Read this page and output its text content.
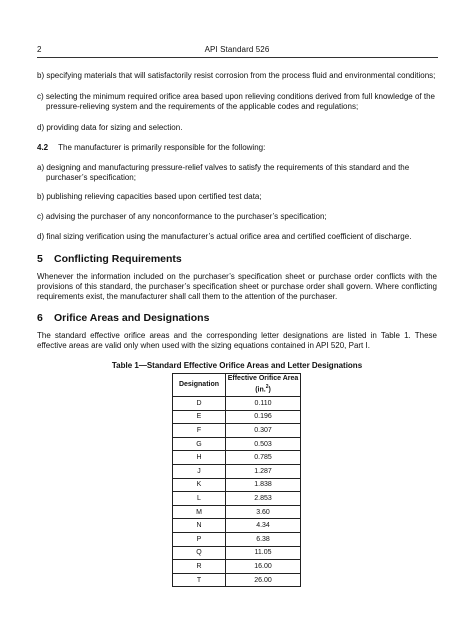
2	API Standard 526
b) specifying materials that will satisfactorily resist corrosion from the process fluid and environmental conditions;
c) selecting the minimum required orifice area based upon relieving conditions derived from full knowledge of the
pressure-relieving system and the requirements of the applicable codes and regulations;
d) providing data for sizing and selection.
4.2 The manufacturer is primarily responsible for the following:
a) designing and manufacturing pressure-relief valves to satisfy the requirements of this standard and the
purchaser’s specification;
b) publishing relieving capacities based upon certified test data;
c) advising the purchaser of any nonconformance to the purchaser’s specification;
d) final sizing verification using the manufacturer’s actual orifice area and certified coefficient of discharge.
5 Conflicting Requirements
Whenever the information included on the purchaser’s specification sheet or purchase order conflicts with the provisions of this standard, the purchaser’s specification sheet or purchase order shall govern. Where conflicting requirements exist, the manufacturer shall call them to the attention of the purchaser.
6 Orifice Areas and Designations
The standard effective orifice areas and the corresponding letter designations are listed in Table 1. These effective areas are valid only when used with the sizing equations contained in API 520, Part I.
Table 1—Standard Effective Orifice Areas and Letter Designations
Designation	Effective Orifice Area
(in.$^2$)
D	0.110
E	0.196
F	0.307
G	0.503
H	0.785
J	1.287
K	1.838
L	2.853
M	3.60
N	4.34
P	6.38
Q	11.05
R	16.00
T	26.00
